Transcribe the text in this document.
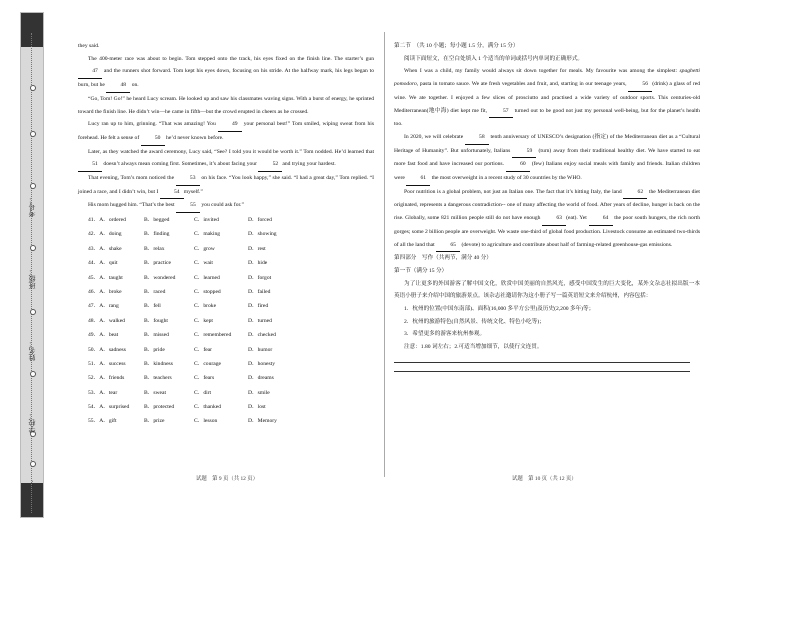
考号：
班级：
姓名：
学校：
…

they said.

The 400-meter race was about to begin. Tom stepped onto the track, his eyes fixed on the finish line. The starter’s gun 47 and the runners shot forward. Tom kept his eyes down, focusing on his stride. At the halfway mark, his legs began to burn, but he	48 on.

“Go, Tom! Go!” he heard Lucy scream. He looked up and saw his classmates waving signs. With a burst of energy, he sprinted toward the finish line. He didn’t win—he came in fifth—but the crowd erupted in cheers as he crossed.

Lucy ran up to him, grinning. “That was amazing! You	49 your personal best!” Tom smiled, wiping sweat from his forehead. He felt a sense of	50 he’d never known before.

Later, as they watched the award ceremony, Lucy said, “See? I told you it would be worth it.” Tom nodded. He’d learned that 51 doesn’t always mean coming first. Sometimes, it’s about facing your	52 and trying your hardest.

That evening, Tom’s mom noticed the	53 on his face. “You look happy,” she said. “I had a great day,” Tom replied. “I joined a race, and I didn’t win, but I	54 myself.”

His mom hugged him. “That’s the best	55 you could ask for.”

41．A．ordered	B．begged	C．invited	D．forced
42．A．doing	B．finding	C．making	D．showing
43．A．shake	B．relax	C．grow	D．rest
44．A．quit	B．practice	C．wait	D．hide
45．A．taught	B．wondered	C．learned	D．forgot
46．A．broke	B．raced	C．stopped	D．failed
47．A．rang	B．fell	C．broke	D．fired
48．A．walked	B．fought	C．kept	D．turned
49．A．beat	B．missed	C．remembered	D．checked
50．A．sadness	B．pride	C．fear	D．humor
51．A．success	B．kindness	C．courage	D．honesty
52．A．friends	B．teachers	C．fears	D．dreams
53．A．tear	B．sweat	C．dirt	D．smile
54．A．surprised	B．protected	C．thanked	D．lost
55．A．gift	B．prize	C．lesson	D．Memory
试题　第 9 页（共 12 页）

第二节　（共 10 小题；每小题 1.5 分，满分 15 分）

阅读下面短文，在空白处填入 1 个适当的单词或括号内单词的正确形式。

When I was a child, my family would always sit down together for meals. My favourite was among the simplest: spaghetti pomodoro, pasta in tomato sauce. We ate fresh vegetables and fruit, and, starting in our teenage years,	56 (drink) a glass of red wine. We ate together. I enjoyed a few slices of prosciutto and practised a wide variety of outdoor sports. This centuries-old Mediterranean(地中海) diet kept me fit,	57 turned out to be good not just my personal well-being, but for the planet’s health too.

In 2020, we will celebrate	58 tenth anniversary of UNESCO’s designation (指定) of the Mediterranean diet as a “Cultural Heritage of Humanity”. But unfortunately, Italians	59 (turn) away from their traditional healthy diet. We have started to eat more fast food and have increased our portions.	60 (few) Italians enjoy social meals with family and friends. Italian children were	61 the most overweight in a recent study of 30 countries by the WHO.

Poor nutrition is a global problem, not just an Italian one. The fact that it’s hitting Italy, the land	62 the Mediterranean diet originated, represents a dangerous contradiction-- one of many affecting the world of food. After years of decline, hunger is back on the rise. Globally, some 821 million people still do not have enough	63 (eat). Yet	64 the poor south hungers, the rich north gorges; some 2 billion people are overweight. We waste one-third of global food production. Livestock consume an estimated two-thirds of all the land that	65 (devote) to agriculture and contribute about half of farming-related greenhouse-gas emissions.

第四部分　写作（共两节，满分 40 分）

第一节（满分 15 分）

为了让更多的外国游客了解中国文化，欣赏中国美丽的自然风光，感受中国发生的巨大变化，某外文杂志社拟出版一本英语小册子来介绍中国的旅游景点。该杂志社邀请你为这小册子写一篇英语短文来介绍杭州，内容包括：

1．杭州的位置(中国东南部)、面积(16,000 多平方公里)及历史(2,200 多年)等；

2．杭州的旅游特色(自然风景、传统文化、特色小吃等)；

3．希望更多的游客来杭州参观。

注意：1.80 词左右；2.可适当增加细节，以使行文连贯。

试题　第 10 页（共 12 页）
